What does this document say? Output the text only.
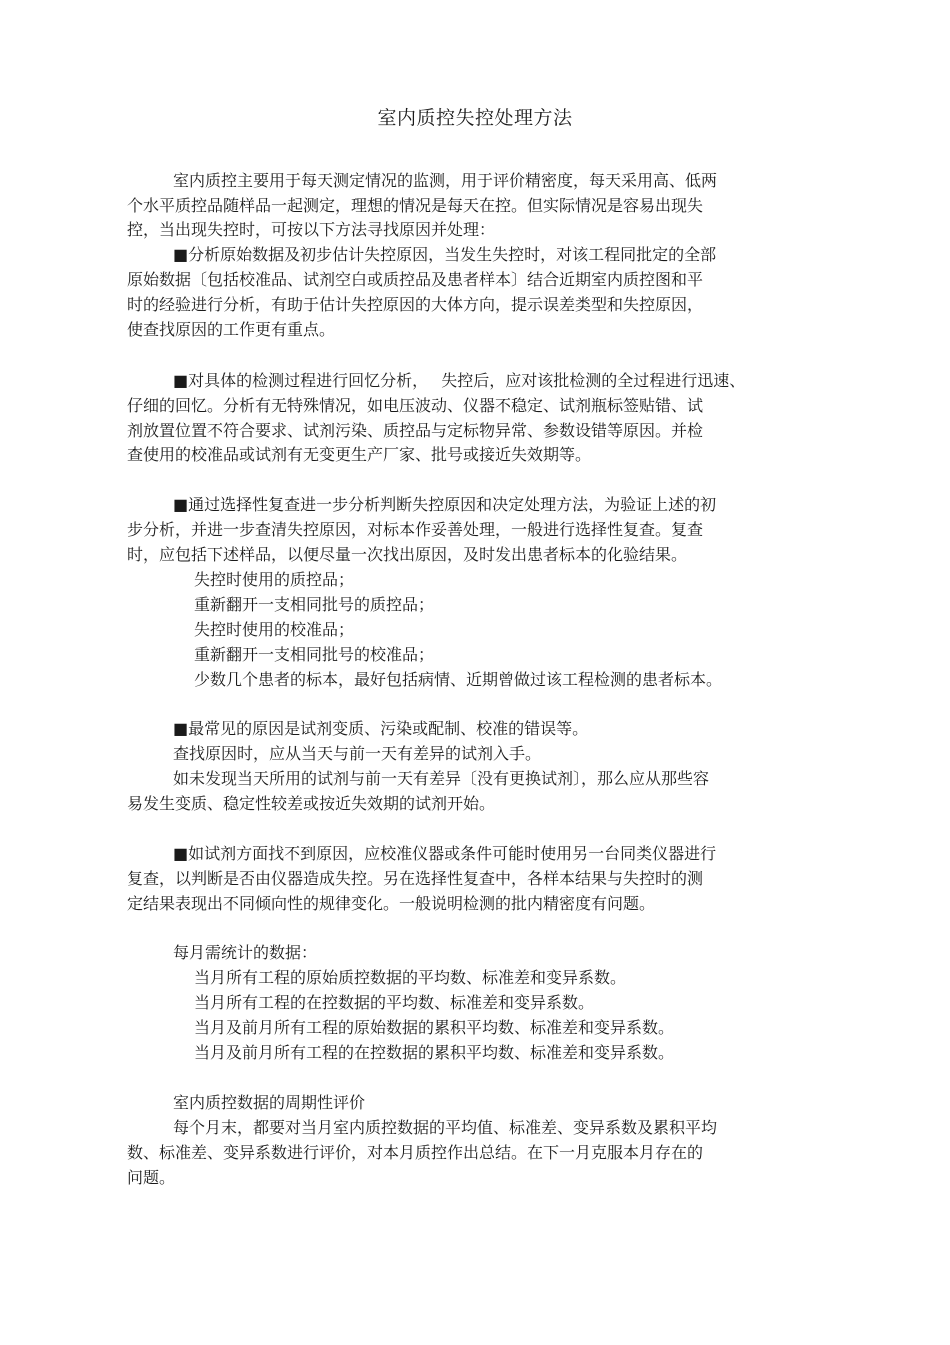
室内质控失控处理方法
室内质控主要用于每天测定情况的监测，用于评价精密度，每天采用高、低两
个水平质控品随样品一起测定，理想的情况是每天在控。但实际情况是容易出现失
控，当出现失控时，可按以下方法寻找原因并处理：
■分析原始数据及初步估计失控原因，当发生失控时，对该工程同批定的全部
原始数据〔包括校准品、试剂空白或质控品及患者样本〕结合近期室内质控图和平
时的经验进行分析，有助于估计失控原因的大体方向，提示误差类型和失控原因，
使查找原因的工作更有重点。
■对具体的检测过程进行回忆分析，　 失控后，应对该批检测的全过程进行迅速、
仔细的回忆。分析有无特殊情况，如电压波动、仪器不稳定、试剂瓶标签贴错、试
剂放置位置不符合要求、试剂污染、质控品与定标物异常、参数设错等原因。并检
查使用的校准品或试剂有无变更生产厂家、批号或接近失效期等。
■通过选择性复查进一步分析判断失控原因和决定处理方法，为验证上述的初
步分析，并进一步查清失控原因，对标本作妥善处理，一般进行选择性复查。复查
时，应包括下述样品，以便尽量一次找出原因，及时发出患者标本的化验结果。
失控时使用的质控品；
重新翻开一支相同批号的质控品；
失控时使用的校准品；
重新翻开一支相同批号的校准品；
少数几个患者的标本，最好包括病情、近期曾做过该工程检测的患者标本。
■最常见的原因是试剂变质、污染或配制、校准的错误等。
查找原因时，应从当天与前一天有差异的试剂入手。
如未发现当天所用的试剂与前一天有差异〔没有更换试剂〕，那么应从那些容
易发生变质、稳定性较差或按近失效期的试剂开始。
■如试剂方面找不到原因，应校准仪器或条件可能时使用另一台同类仪器进行
复查，以判断是否由仪器造成失控。另在选择性复查中，各样本结果与失控时的测
定结果表现出不同倾向性的规律变化。一般说明检测的批内精密度有问题。
每月需统计的数据：
当月所有工程的原始质控数据的平均数、标准差和变异系数。
当月所有工程的在控数据的平均数、标准差和变异系数。
当月及前月所有工程的原始数据的累积平均数、标准差和变异系数。
当月及前月所有工程的在控数据的累积平均数、标准差和变异系数。
室内质控数据的周期性评价
每个月末，都要对当月室内质控数据的平均值、标准差、变异系数及累积平均
数、标准差、变异系数进行评价，对本月质控作出总结。在下一月克服本月存在的
问题。
